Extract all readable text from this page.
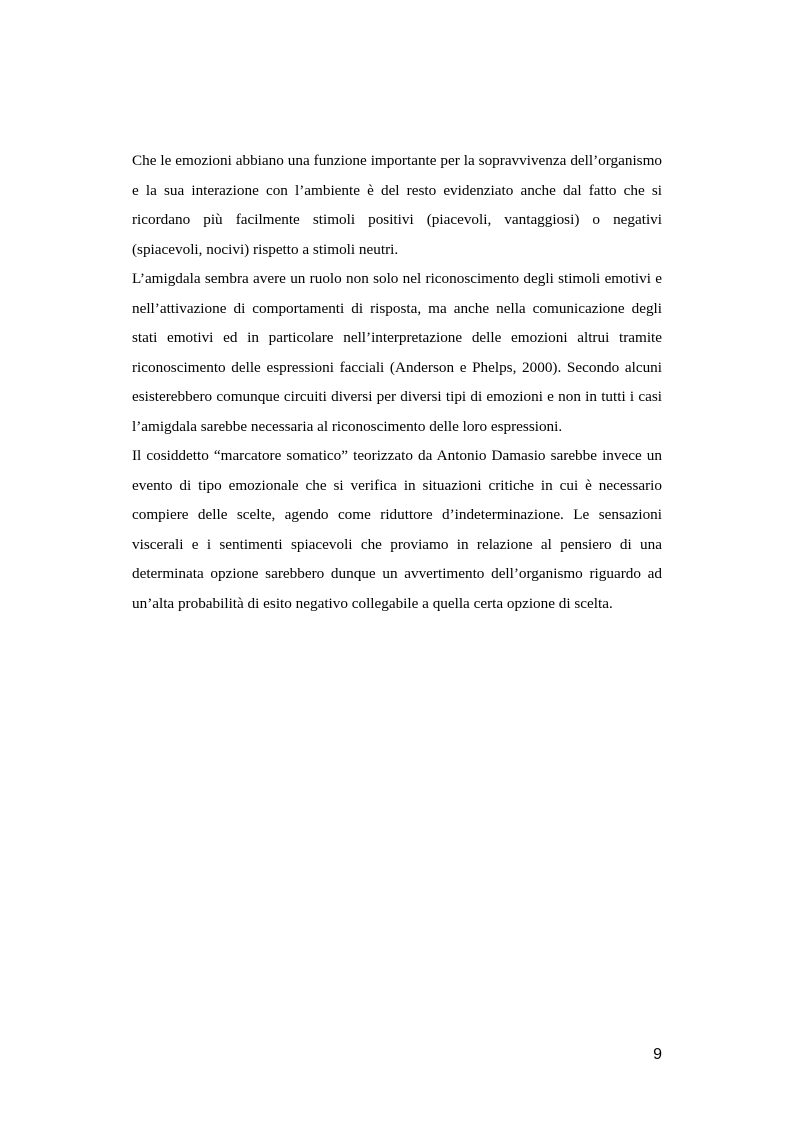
Che le emozioni abbiano una funzione importante per la sopravvivenza dell’organismo e la sua interazione con l’ambiente è del resto evidenziato anche dal fatto che si ricordano più facilmente stimoli positivi (piacevoli, vantaggiosi) o negativi (spiacevoli, nocivi) rispetto a stimoli neutri.

L’amigdala sembra avere un ruolo non solo nel riconoscimento degli stimoli emotivi e nell’attivazione di comportamenti di risposta, ma anche nella comunicazione degli stati emotivi ed in particolare nell’interpretazione delle emozioni altrui tramite riconoscimento delle espressioni facciali (Anderson e Phelps, 2000). Secondo alcuni esisterebbero comunque circuiti diversi per diversi tipi di emozioni e non in tutti i casi l’amigdala sarebbe necessaria al riconoscimento delle loro espressioni.

Il cosiddetto “marcatore somatico” teorizzato da Antonio Damasio sarebbe invece un evento di tipo emozionale che si verifica in situazioni critiche in cui è necessario compiere delle scelte, agendo come riduttore d’indeterminazione. Le sensazioni viscerali e i sentimenti spiacevoli che proviamo in relazione al pensiero di una determinata opzione sarebbero dunque un avvertimento dell’organismo riguardo ad un’alta probabilità di esito negativo collegabile a quella certa opzione di scelta.

9
